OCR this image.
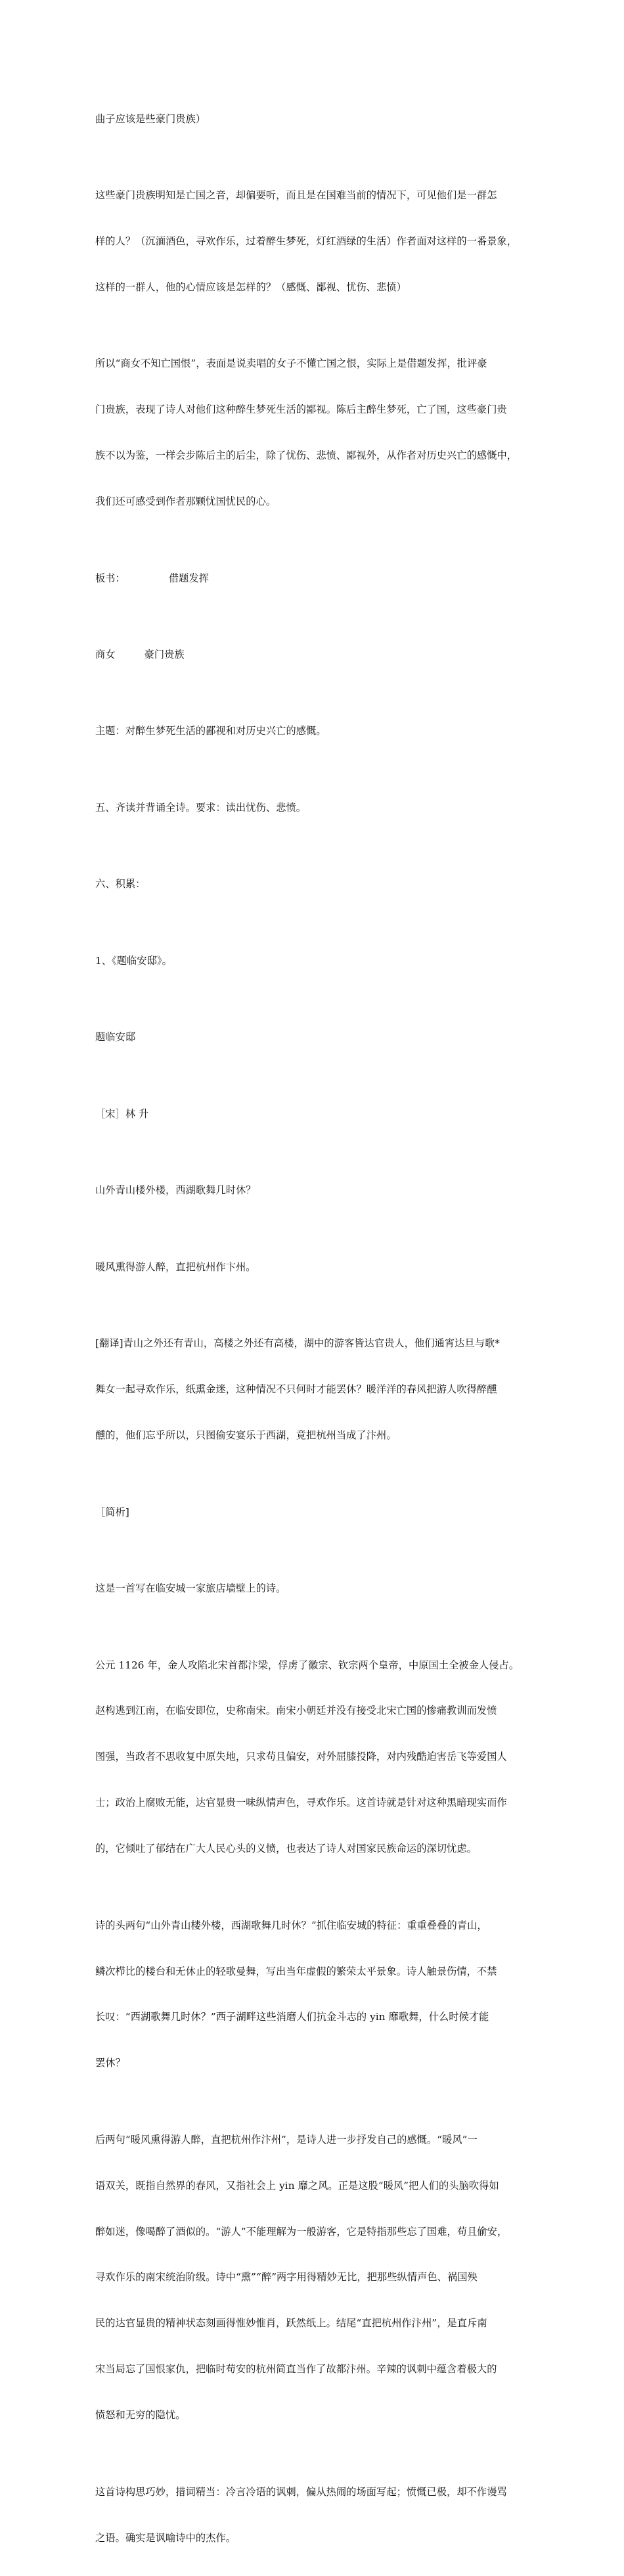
曲子应该是些豪门贵族）

这些豪门贵族明知是亡国之音，却偏要听，而且是在国难当前的情况下，可见他们是一群怎

样的人？（沉湎酒色，寻欢作乐，过着醉生梦死，灯红酒绿的生活）作者面对这样的一番景象，

这样的一群人，他的心情应该是怎样的？（感慨、鄙视、忧伤、悲愤）

所以“商女不知亡国恨”，表面是说卖唱的女子不懂亡国之恨，实际上是借题发挥，批评豪

门贵族，表现了诗人对他们这种醉生梦死生活的鄙视。陈后主醉生梦死，亡了国，这些豪门贵

族不以为鉴，一样会步陈后主的后尘，除了忧伤、悲愤、鄙视外，从作者对历史兴亡的感慨中，

我们还可感受到作者那颗忧国忧民的心。

板书：	借题发挥

商女	豪门贵族

主题：对醉生梦死生活的鄙视和对历史兴亡的感慨。

五、齐读并背诵全诗。要求：读出忧伤、悲愤。

六、积累：

1、《题临安邸》。

题临安邸

［宋］林 升

山外青山楼外楼，西湖歌舞几时休？

暖风熏得游人醉，直把杭州作卞州。

[翻译]青山之外还有青山，高楼之外还有高楼，湖中的游客皆达官贵人，他们通宵达旦与歌*

舞女一起寻欢作乐，纸熏金迷，这种情况不只何时才能罢休？暖洋洋的春风把游人吹得醉醺

醺的，他们忘乎所以，只图偷安宴乐于西湖，竟把杭州当成了汴州。

［简析]

这是一首写在临安城一家旅店墙壁上的诗。

公元 1126 年，金人攻陷北宋首都汴梁，俘虏了徽宗、钦宗两个皇帝，中原国土全被金人侵占。

赵构逃到江南，在临安即位，史称南宋。南宋小朝廷并没有接受北宋亡国的惨痛教训而发愤

图强，当政者不思收复中原失地，只求苟且偏安，对外屈膝投降，对内残酷迫害岳飞等爱国人

士；政治上腐败无能，达官显贵一味纵情声色，寻欢作乐。这首诗就是针对这种黑暗现实而作

的，它倾吐了郁结在广大人民心头的义愤，也表达了诗人对国家民族命运的深切忧虑。

诗的头两句“山外青山楼外楼，西湖歌舞几时休？”抓住临安城的特征：重重叠叠的青山，

鳞次栉比的楼台和无休止的轻歌曼舞，写出当年虚假的繁荣太平景象。诗人触景伤情，不禁

长叹：“西湖歌舞几时休？”西子湖畔这些消磨人们抗金斗志的 yin 靡歌舞，什么时候才能

罢休？

后两句“暖风熏得游人醉，直把杭州作汴州”，是诗人进一步抒发自己的感慨。“暖风”一

语双关，既指自然界的春风，又指社会上 yin 靡之风。正是这股“暖风”把人们的头脑吹得如

醉如迷，像喝醉了酒似的。“游人”不能理解为一般游客，它是特指那些忘了国难，苟且偷安，

寻欢作乐的南宋统治阶级。诗中“熏”“醉”两字用得精妙无比，把那些纵情声色、祸国殃

民的达官显贵的精神状态刻画得惟妙惟肖，跃然纸上。结尾“直把杭州作汴州”，是直斥南

宋当局忘了国恨家仇，把临时苟安的杭州简直当作了故都汴州。辛辣的讽刺中蕴含着极大的

愤怒和无穷的隐忧。

这首诗构思巧妙，措词精当：冷言冷语的讽刺，偏从热闹的场面写起；愤慨已极，却不作谩骂

之语。确实是讽喻诗中的杰作。
